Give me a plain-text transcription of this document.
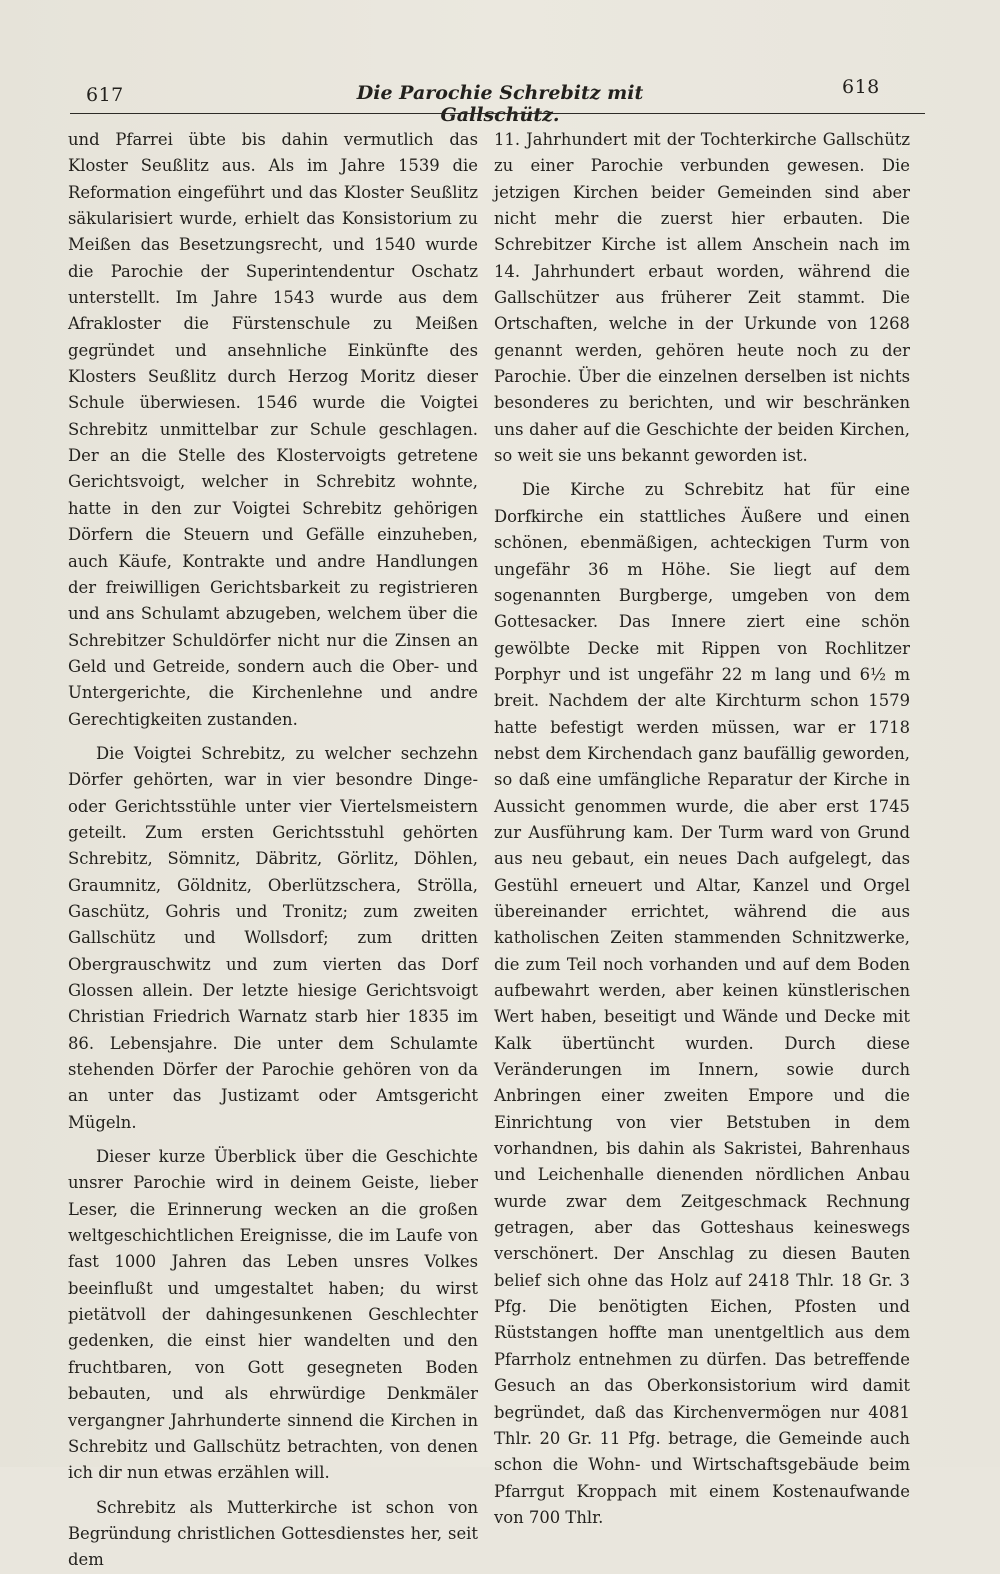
617	Die Parochie Schrebitz mit Gallschütz.
618

und Pfarrei übte bis dahin vermutlich das Kloster Seußlitz aus. Als im Jahre 1539 die Reformation eingeführt und das Kloster Seußlitz säkularisiert wurde, erhielt das Konsistorium zu Meißen das Besetzungsrecht, und 1540 wurde die Parochie der Superintendentur Oschatz unterstellt. Im Jahre 1543 wurde aus dem Afrakloster die Fürstenschule zu Meißen gegründet und ansehnliche Einkünfte des Klosters Seußlitz durch Herzog Moritz dieser Schule überwiesen. 1546 wurde die Voigtei Schrebitz unmittelbar zur Schule geschlagen. Der an die Stelle des Klostervoigts getretene Gerichtsvoigt, welcher in Schrebitz wohnte, hatte in den zur Voigtei Schrebitz gehörigen Dörfern die Steuern und Gefälle einzuheben, auch Käufe, Kontrakte und andre Handlungen der freiwilligen Gerichtsbarkeit zu registrieren und ans Schulamt abzugeben, welchem über die Schrebitzer Schuldörfer nicht nur die Zinsen an Geld und Getreide, sondern auch die Ober- und Untergerichte, die Kirchenlehne und andre Gerechtigkeiten zustanden.

Die Voigtei Schrebitz, zu welcher sechzehn Dörfer gehörten, war in vier besondre Dinge- oder Gerichtsstühle unter vier Viertelsmeistern geteilt. Zum ersten Gerichtsstuhl gehörten Schrebitz, Sömnitz, Däbritz, Görlitz, Döhlen, Graumnitz, Göldnitz, Oberlützschera, Strölla, Gaschütz, Gohris und Tronitz; zum zweiten Gallschütz und Wollsdorf; zum dritten Obergrauschwitz und zum vierten das Dorf Glossen allein. Der letzte hiesige Gerichtsvoigt Christian Friedrich Warnatz starb hier 1835 im 86. Lebensjahre. Die unter dem Schulamte stehenden Dörfer der Parochie gehören von da an unter das Justizamt oder Amtsgericht Mügeln.

Dieser kurze Überblick über die Geschichte unsrer Parochie wird in deinem Geiste, lieber Leser, die Erinnerung wecken an die großen weltgeschichtlichen Ereignisse, die im Laufe von fast 1000 Jahren das Leben unsres Volkes beeinflußt und umgestaltet haben; du wirst pietätvoll der dahingesunkenen Geschlechter gedenken, die einst hier wandelten und den fruchtbaren, von Gott gesegneten Boden bebauten, und als ehrwürdige Denkmäler vergangner Jahrhunderte sinnend die Kirchen in Schrebitz und Gallschütz betrachten, von denen ich dir nun etwas erzählen will.

Schrebitz als Mutterkirche ist schon von Begründung christlichen Gottesdienstes her, seit dem

11. Jahrhundert mit der Tochterkirche Gallschütz zu einer Parochie verbunden gewesen. Die jetzigen Kirchen beider Gemeinden sind aber nicht mehr die zuerst hier erbauten. Die Schrebitzer Kirche ist allem Anschein nach im 14. Jahrhundert erbaut worden, während die Gallschützer aus früherer Zeit stammt. Die Ortschaften, welche in der Urkunde von 1268 genannt werden, gehören heute noch zu der Parochie. Über die einzelnen derselben ist nichts besonderes zu berichten, und wir beschränken uns daher auf die Geschichte der beiden Kirchen, so weit sie uns bekannt geworden ist.

Die Kirche zu Schrebitz hat für eine Dorfkirche ein stattliches Äußere und einen schönen, ebenmäßigen, achteckigen Turm von ungefähr 36 m Höhe. Sie liegt auf dem sogenannten Burgberge, umgeben von dem Gottesacker. Das Innere ziert eine schön gewölbte Decke mit Rippen von Rochlitzer Porphyr und ist ungefähr 22 m lang und 6½ m breit. Nachdem der alte Kirchturm schon 1579 hatte befestigt werden müssen, war er 1718 nebst dem Kirchendach ganz baufällig geworden, so daß eine umfängliche Reparatur der Kirche in Aussicht genommen wurde, die aber erst 1745 zur Ausführung kam. Der Turm ward von Grund aus neu gebaut, ein neues Dach aufgelegt, das Gestühl erneuert und Altar, Kanzel und Orgel übereinander errichtet, während die aus katholischen Zeiten stammenden Schnitzwerke, die zum Teil noch vorhanden und auf dem Boden aufbewahrt werden, aber keinen künstlerischen Wert haben, beseitigt und Wände und Decke mit Kalk übertüncht wurden. Durch diese Veränderungen im Innern, sowie durch Anbringen einer zweiten Empore und die Einrichtung von vier Betstuben in dem vorhandnen, bis dahin als Sakristei, Bahrenhaus und Leichenhalle dienenden nördlichen Anbau wurde zwar dem Zeitgeschmack Rechnung getragen, aber das Gotteshaus keineswegs verschönert. Der Anschlag zu diesen Bauten belief sich ohne das Holz auf 2418 Thlr. 18 Gr. 3 Pfg. Die benötigten Eichen, Pfosten und Rüststangen hoffte man unentgeltlich aus dem Pfarrholz entnehmen zu dürfen. Das betreffende Gesuch an das Oberkonsistorium wird damit begründet, daß das Kirchenvermögen nur 4081 Thlr. 20 Gr. 11 Pfg. betrage, die Gemeinde auch schon die Wohn- und Wirtschaftsgebäude beim Pfarrgut Kroppach mit einem Kostenaufwande von 700 Thlr.
